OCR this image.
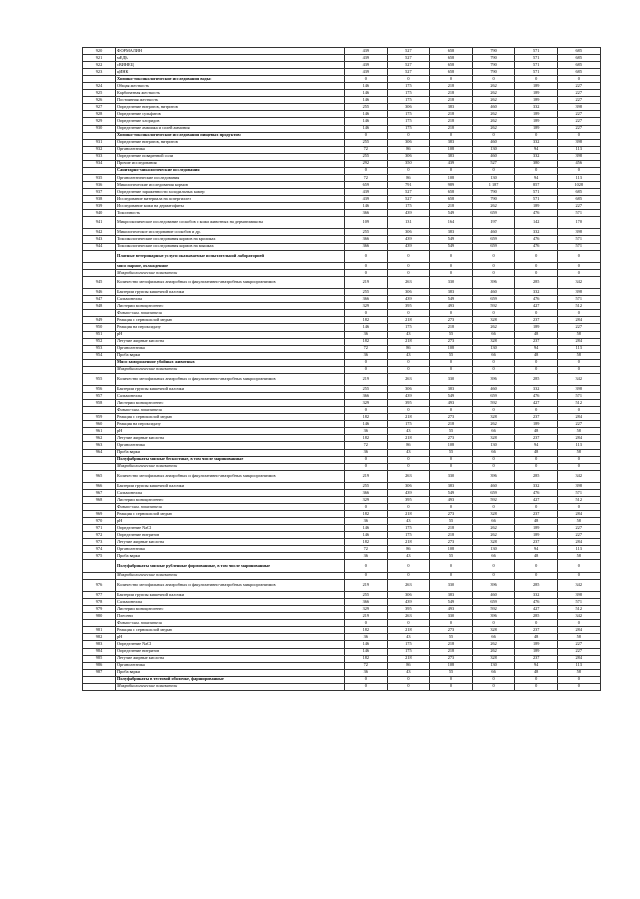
920	ФОРМАЛИН	439	527	658	790	571	685
921	мЕДЬ	439	527	658	790	571	685
922	сВИНЕЦ	439	527	658	790	571	685
923	цИНК	439	527	658	790	571	685
	Химико-токсикологические исследования воды:	0	0	0	0	0	0
924	Общая жесткость	146	175	218	262	189	227
925	Карбонатная жесткость	146	175	218	262	189	227
926	Постоянная жесткость	146	175	218	262	189	227
927	Определение нитратов, нитритов	255	306	383	460	332	398
928	Определение сульфатов	146	175	218	262	189	227
929	Определение хлоридов	146	175	218	262	189	227
930	Определение аммиака и солей аммония	146	175	218	262	189	227
	Химико-токсикологические исследования пищевых продуктов:	0	0	0	0	0	0
931	Определение нитратов, нитритов	255	306	383	460	332	398
932	Органолептика	72	86	108	130	94	113
933	Определение поваренной соли	255	306	383	460	332	398
934	Прочие исследования	292	350	439	527	380	456
	Санитарно-микологические исследования	0	0	0	0	0	0
935	Органолептические исследования	72	86	108	130	94	113
936	Микологические исследования кормов	659	791	989	1 187	857	1028
937	Определение зараженности холодильных камер	439	527	658	790	571	685
938	Исследование материала на аспергиллез	439	527	658	790	571	685
939	Исследование кожи на дерматофиты	146	175	218	262	189	227
940	Токсичность	366	439	549	659	476	571
941	Микроскопическое исследование соскобов с кожи животных на дерматомикозы	109	131	164	197	142	170
942	Микологическое исследование соскобов и др.	255	306	383	460	332	398
943	Токсикологические исследования кормов на кроликах	366	439	549	659	476	571
944	Токсикологические исследования кормов на мышках	366	439	549	659	476	571
	Платные ветеринарные услуги оказываемые испытательной лабораторией	0	0	0	0	0	0
	мясо парное, охлажденное	0	0	0	0	0	0
	Микробиологические показатели	0	0	0	0	0	0
945	Количество мезофильных анаэробных и факультативно-анаэробных микроорганизмов	219	263	330	396	285	342
946	Бактерии группы кишечной палочки	255	306	383	460	332	398
947	Сальмонеллы	366	439	549	659	476	571
948	Листерии моноцитогенес	329	395	493	592	427	512
	Физико-хим. показатели	0	0	0	0	0	0
949	Реакция с сернокислой медью	182	218	273	328	237	284
950	Реакция на пероксидазу	146	175	218	262	189	227
951	pH	36	43	55	66	48	58
952	Летучие жирные кислоты	182	218	273	328	237	284
953	Органолептика	72	86	108	130	94	113
954	Проба варки	36	43	55	66	48	58
	Мясо замороженное убойных животных	0	0	0	0	0	0
	Микробиологические показатели	0	0	0	0	0	0
955	Количество мезофильных анаэробных и факультативно-анаэробных микроорганизмов	219	263	330	396	285	342
956	Бактерии группы кишечной палочки	255	306	383	460	332	398
957	Сальмонеллы	366	439	549	659	476	571
958	Листерии моноцитогенес	329	395	493	592	427	512
	Физико-хим. показатели	0	0	0	0	0	0
959	Реакция с сернокислой медью	182	218	273	328	237	284
960	Реакция на пероксидазу	146	175	218	262	189	227
961	pH	36	43	55	66	48	58
962	Летучие жирные кислоты	182	218	273	328	237	284
963	Органолептика	72	86	108	130	94	113
964	Проба варки	36	43	55	66	48	58
	Полуфабрикаты мясные бескостные, в том числе маринованные	0	0	0	0	0	0
	Микробиологические показатели	0	0	0	0	0	0
965	Количество мезофильных анаэробных и факультативно-анаэробных микроорганизмов	219	263	330	396	285	342
966	Бактерии группы кишечной палочки	255	306	383	460	332	398
967	Сальмонеллы	366	439	549	659	476	571
968	Листерии моноцитогенес	329	395	493	592	427	512
	Физико-хим. показатели	0	0	0	0	0	0
969	Реакция с сернокислой медью	182	218	273	328	237	284
970	pH	36	43	55	66	48	58
971	Определение NaCl	146	175	218	262	189	227
972	Определение нитритов	146	175	218	262	189	227
973	Летучие жирные кислоты	182	218	273	328	237	284
974	Органолептика	72	86	108	130	94	113
975	Проба варки	36	43	55	66	48	58
	Полуфабрикаты мясные рубленные формованные, в том числе маринованные	0	0	0	0	0	0
	Микробиологические показатели	0	0	0	0	0	0
976	Количество мезофильных анаэробных и факультативно-анаэробных микроорганизмов	219	263	330	396	285	342
977	Бактерии группы кишечной палочки	255	306	383	460	332	398
978	Сальмонеллы	366	439	549	659	476	571
979	Листерии моноцитогенес	329	395	493	592	427	512
980	Плесени	219	263	330	396	285	342
	Физико-хим. показатели	0	0	0	0	0	0
981	Реакция с сернокислой медью	182	218	273	328	237	284
982	pH	36	43	55	66	48	58
983	Определение NaCl	146	175	218	262	189	227
984	Определение нитритов	146	175	218	262	189	227
985	Летучие жирные кислоты	182	218	273	328	237	284
986	Органолептика	72	86	108	130	94	113
987	Проба варки	36	43	55	66	48	58
	Полуфабрикаты в тестовой оболочке, фаршированные	0	0	0	0	0	0
	Микробиологические показатели	0	0	0	0	0	0
